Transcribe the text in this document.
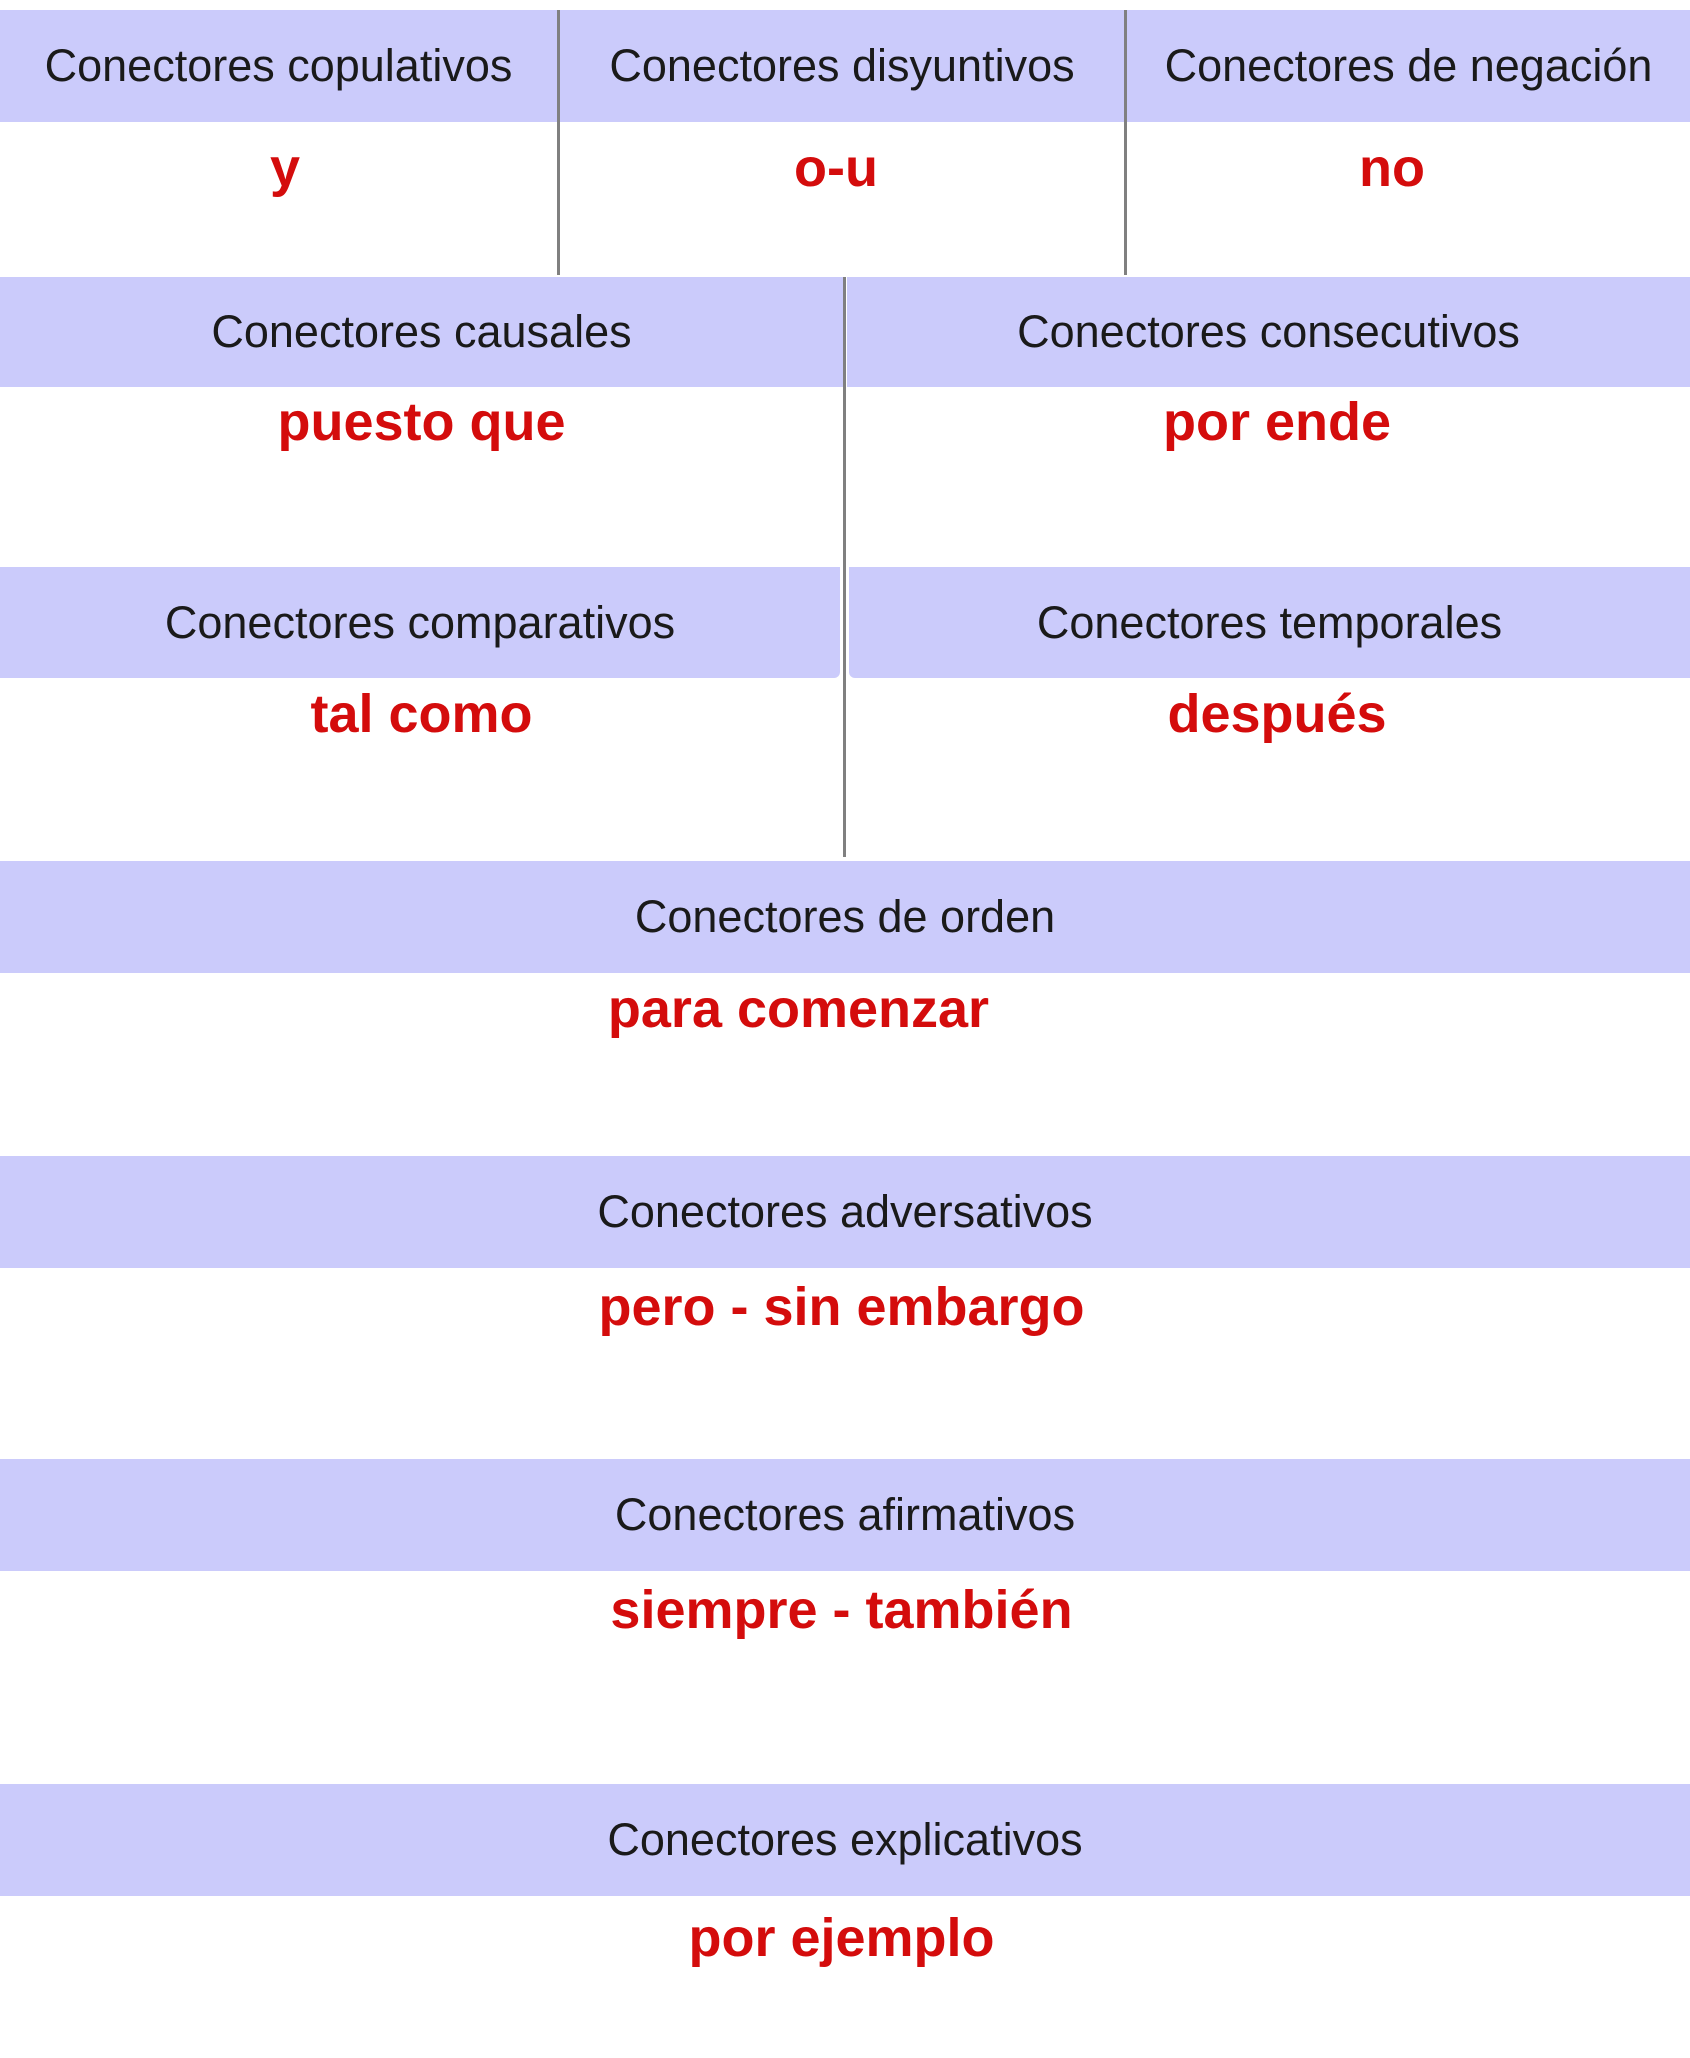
Conectores copulativos	Conectores disyuntivos	Conectores de negación
y	o-u	no
Conectores causales	Conectores consecutivos
puesto que	por ende
Conectores comparativos	Conectores temporales
tal como	después
Conectores de orden
para comenzar
Conectores adversativos
pero - sin embargo
Conectores afirmativos
siempre - también
Conectores explicativos
por ejemplo
